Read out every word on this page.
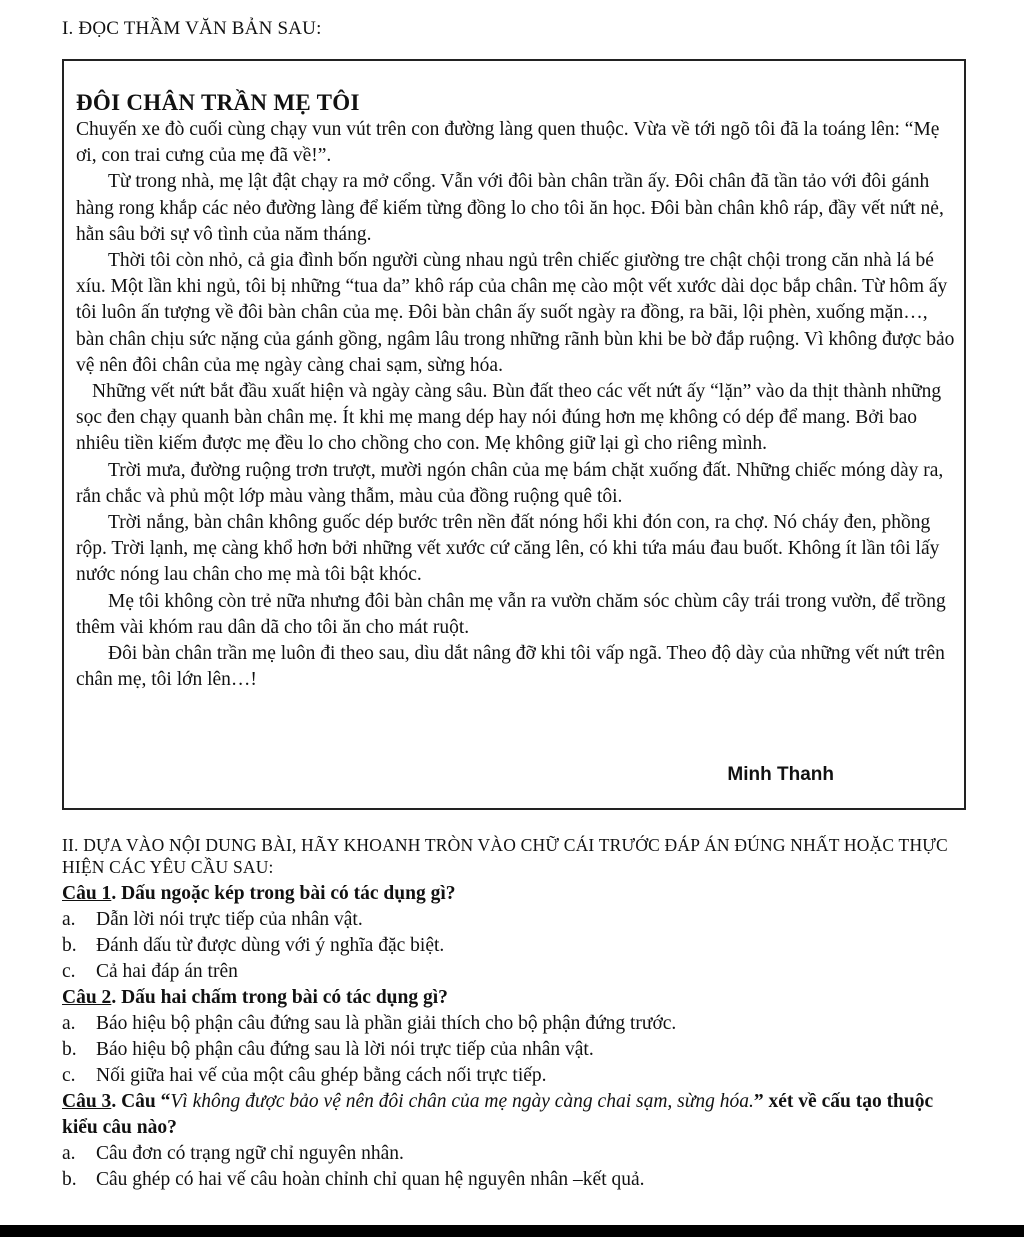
I. ĐỌC THẦM VĂN BẢN SAU:
ĐÔI CHÂN TRẦN MẸ TÔI

Chuyến xe đò cuối cùng chạy vun vút trên con đường làng quen thuộc. Vừa về tới ngõ tôi đã la toáng lên: “Mẹ ơi, con trai cưng của mẹ đã về!”.

Từ trong nhà, mẹ lật đật chạy ra mở cổng. Vẫn với đôi bàn chân trần ấy. Đôi chân đã tần tảo với đôi gánh hàng rong khắp các nẻo đường làng để kiếm từng đồng lo cho tôi ăn học. Đôi bàn chân khô ráp, đầy vết nứt nẻ, hằn sâu bởi sự vô tình của năm tháng.

Thời tôi còn nhỏ, cả gia đình bốn người cùng nhau ngủ trên chiếc giường tre chật chội trong căn nhà lá bé xíu. Một lần khi ngủ, tôi bị những “tua da” khô ráp của chân mẹ cào một vết xước dài dọc bắp chân. Từ hôm ấy tôi luôn ấn tượng về đôi bàn chân của mẹ. Đôi bàn chân ấy suốt ngày ra đồng, ra bãi, lội phèn, xuống mặn…, bàn chân chịu sức nặng của gánh gồng, ngâm lâu trong những rãnh bùn khi be bờ đắp ruộng. Vì không được bảo vệ nên đôi chân của mẹ ngày càng chai sạm, sừng hóa.

Những vết nứt bắt đầu xuất hiện và ngày càng sâu. Bùn đất theo các vết nứt ấy “lặn” vào da thịt thành những sọc đen chạy quanh bàn chân mẹ. Ít khi mẹ mang dép hay nói đúng hơn mẹ không có dép để mang. Bởi bao nhiêu tiền kiếm được mẹ đều lo cho chồng cho con. Mẹ không giữ lại gì cho riêng mình.

Trời mưa, đường ruộng trơn trượt, mười ngón chân của mẹ bám chặt xuống đất. Những chiếc móng dày ra, rắn chắc và phủ một lớp màu vàng thẫm, màu của đồng ruộng quê tôi.

Trời nắng, bàn chân không guốc dép bước trên nền đất nóng hổi khi đón con, ra chợ. Nó cháy đen, phồng rộp. Trời lạnh, mẹ càng khổ hơn bởi những vết xước cứ căng lên, có khi tứa máu đau buốt. Không ít lần tôi lấy nước nóng lau chân cho mẹ mà tôi bật khóc.

Mẹ tôi không còn trẻ nữa nhưng đôi bàn chân mẹ vẫn ra vườn chăm sóc chùm cây trái trong vườn, để trồng thêm vài khóm rau dân dã cho tôi ăn cho mát ruột.

Đôi bàn chân trần mẹ luôn đi theo sau, dìu dắt nâng đỡ khi tôi vấp ngã. Theo độ dày của những vết nứt trên chân mẹ, tôi lớn lên…!

Minh Thanh
II. DỰA VÀO NỘI DUNG BÀI, HÃY KHOANH TRÒN VÀO CHỮ CÁI TRƯỚC ĐÁP ÁN ĐÚNG NHẤT HOẶC THỰC HIỆN CÁC YÊU CẦU SAU:
Câu 1. Dấu ngoặc kép trong bài có tác dụng gì?
a. Dẫn lời nói trực tiếp của nhân vật.
b. Đánh dấu từ được dùng với ý nghĩa đặc biệt.
c. Cả hai đáp án trên
Câu 2. Dấu hai chấm trong bài có tác dụng gì?
a. Báo hiệu bộ phận câu đứng sau là phần giải thích cho bộ phận đứng trước.
b. Báo hiệu bộ phận câu đứng sau là lời nói trực tiếp của nhân vật.
c. Nối giữa hai vế của một câu ghép bằng cách nối trực tiếp.
Câu 3. Câu “Vì không được bảo vệ nên đôi chân của mẹ ngày càng chai sạm, sừng hóa.” xét về cấu tạo thuộc kiểu câu nào?
a. Câu đơn có trạng ngữ chỉ nguyên nhân.
b. Câu ghép có hai vế câu hoàn chỉnh chỉ quan hệ nguyên nhân –kết quả.
